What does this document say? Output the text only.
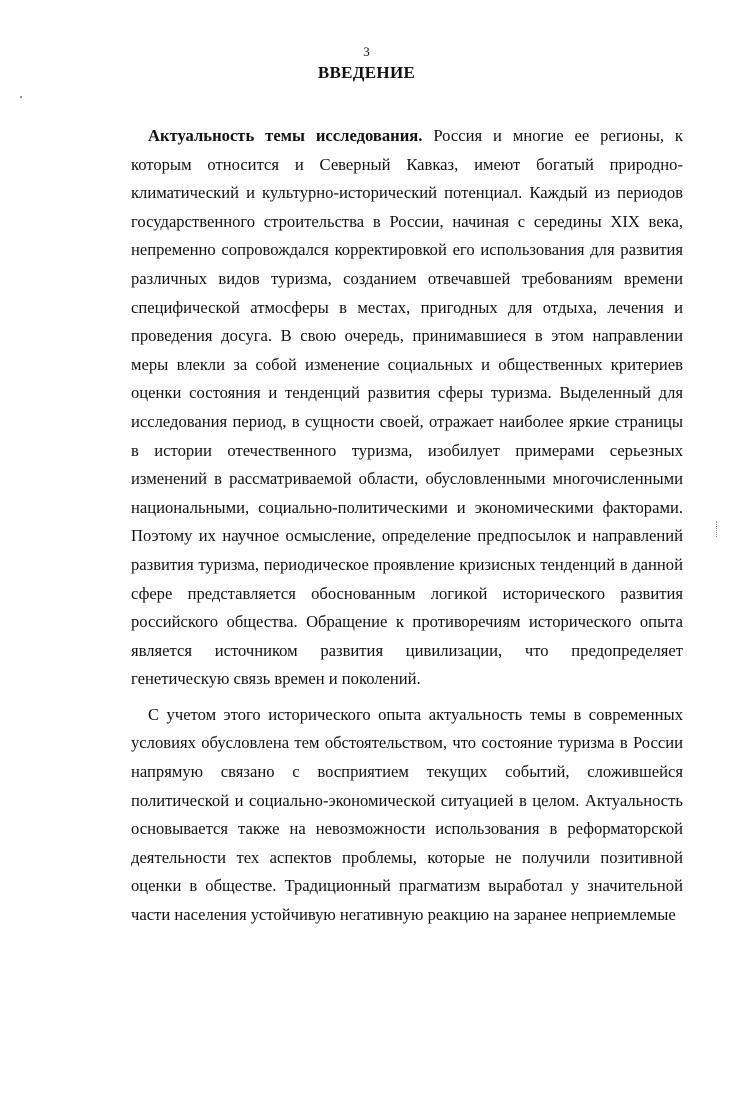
3
ВВЕДЕНИЕ

Актуальность темы исследования. Россия и многие ее регионы, к которым относится и Северный Кавказ, имеют богатый природно-климатический и культурно-исторический потенциал. Каждый из периодов государственного строительства в России, начиная с середины XIX века, непременно сопровождался корректировкой его использования для развития различных видов туризма, созданием отвечавшей требованиям времени специфической атмосферы в местах, пригодных для отдыха, лечения и проведения досуга. В свою очередь, принимавшиеся в этом направлении меры влекли за собой изменение социальных и общественных критериев оценки состояния и тенденций развития сферы туризма. Выделенный для исследования период, в сущности своей, отражает наиболее яркие страницы в истории отечественного туризма, изобилует примерами серьезных изменений в рассматриваемой области, обусловленными многочисленными национальными, социально-политическими и экономическими факторами. Поэтому их научное осмысление, определение предпосылок и направлений развития туризма, периодическое проявление кризисных тенденций в данной сфере представляется обоснованным логикой исторического развития российского общества. Обращение к противоречиям исторического опыта является источником развития цивилизации, что предопределяет генетическую связь времен и поколений.

С учетом этого исторического опыта актуальность темы в современных условиях обусловлена тем обстоятельством, что состояние туризма в России напрямую связано с восприятием текущих событий, сложившейся политической и социально-экономической ситуацией в целом. Актуальность основывается также на невозможности использования в реформаторской деятельности тех аспектов проблемы, которые не получили позитивной оценки в обществе. Традиционный прагматизм выработал у значительной части населения устойчивую негативную реакцию на заранее неприемлемые
